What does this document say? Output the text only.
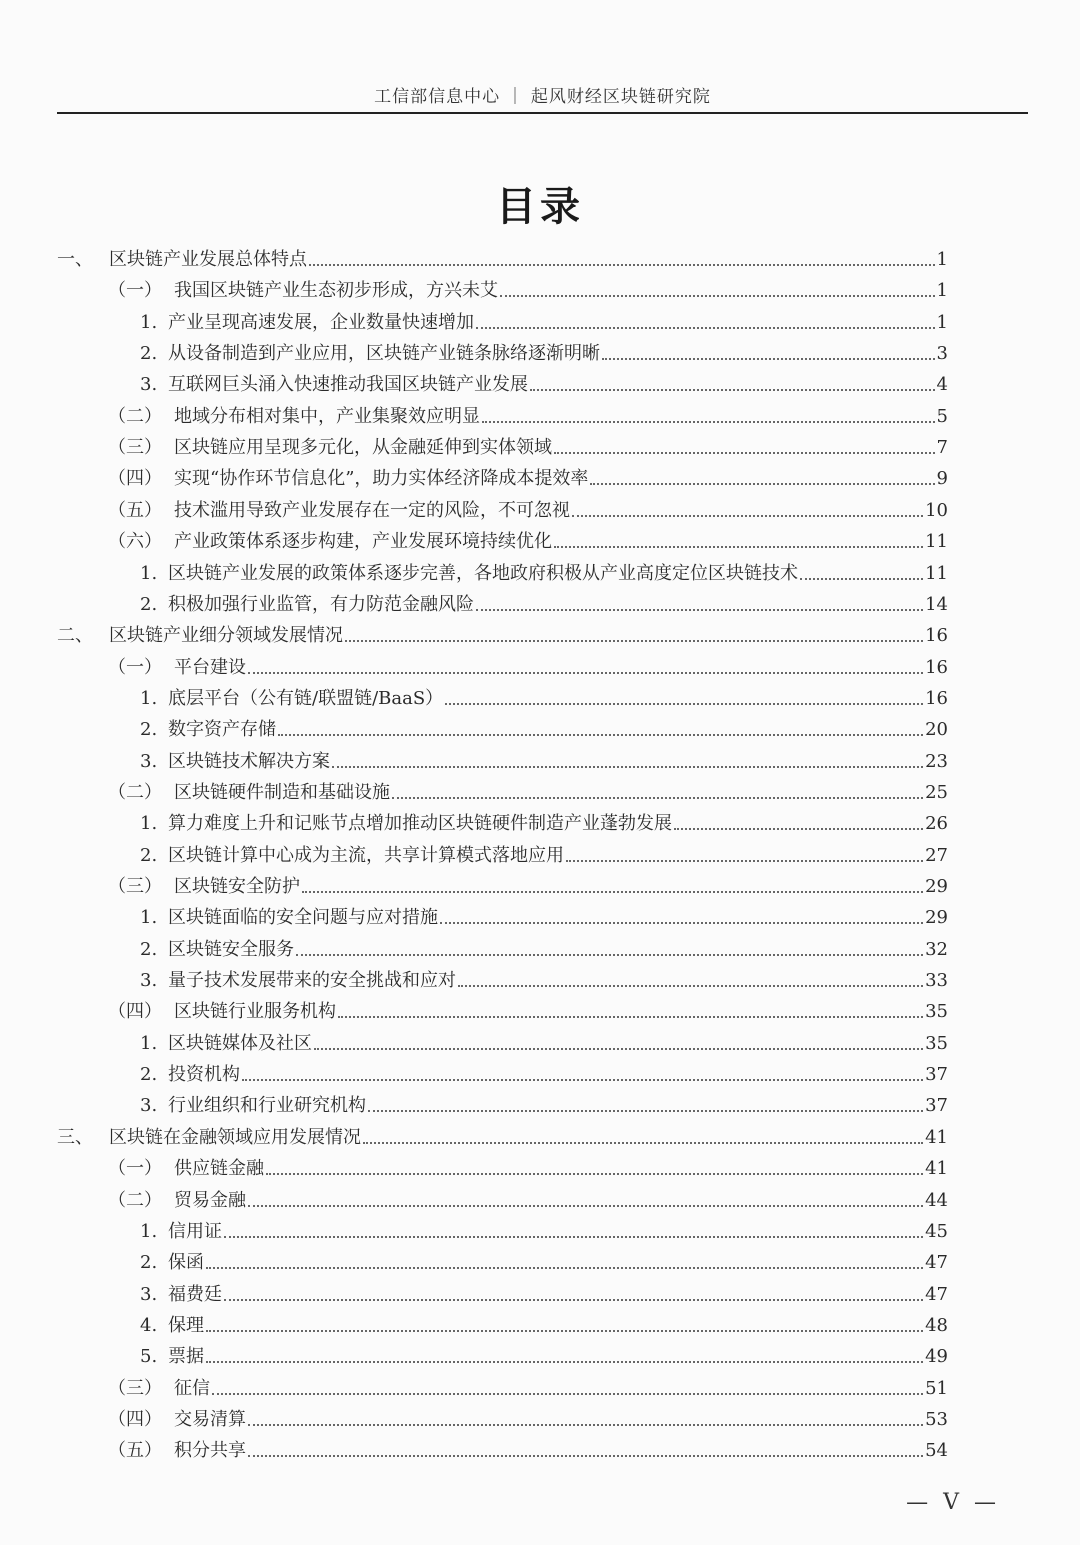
工信部信息中心 ｜ 起风财经区块链研究院
目录
一、 区块链产业发展总体特点	1
（一） 我国区块链产业生态初步形成，方兴未艾	1
1. 产业呈现高速发展，企业数量快速增加	1
2. 从设备制造到产业应用，区块链产业链条脉络逐渐明晰	3
3. 互联网巨头涌入快速推动我国区块链产业发展	4
（二） 地域分布相对集中，产业集聚效应明显	5
（三） 区块链应用呈现多元化，从金融延伸到实体领域	7
（四） 实现“协作环节信息化”，助力实体经济降成本提效率	9
（五） 技术滥用导致产业发展存在一定的风险，不可忽视	10
（六） 产业政策体系逐步构建，产业发展环境持续优化	11
1. 区块链产业发展的政策体系逐步完善，各地政府积极从产业高度定位区块链技术	11
2. 积极加强行业监管，有力防范金融风险	14
二、 区块链产业细分领域发展情况	16
（一） 平台建设	16
1. 底层平台（公有链/联盟链/BaaS）	16
2. 数字资产存储	20
3. 区块链技术解决方案	23
（二） 区块链硬件制造和基础设施	25
1. 算力难度上升和记账节点增加推动区块链硬件制造产业蓬勃发展	26
2. 区块链计算中心成为主流，共享计算模式落地应用	27
（三） 区块链安全防护	29
1. 区块链面临的安全问题与应对措施	29
2. 区块链安全服务	32
3. 量子技术发展带来的安全挑战和应对	33
（四） 区块链行业服务机构	35
1. 区块链媒体及社区	35
2. 投资机构	37
3. 行业组织和行业研究机构	37
三、 区块链在金融领域应用发展情况	41
（一） 供应链金融	41
（二） 贸易金融	44
1. 信用证	45
2. 保函	47
3. 福费廷	47
4. 保理	48
5. 票据	49
（三） 征信	51
（四） 交易清算	53
（五） 积分共享	54
— V —
